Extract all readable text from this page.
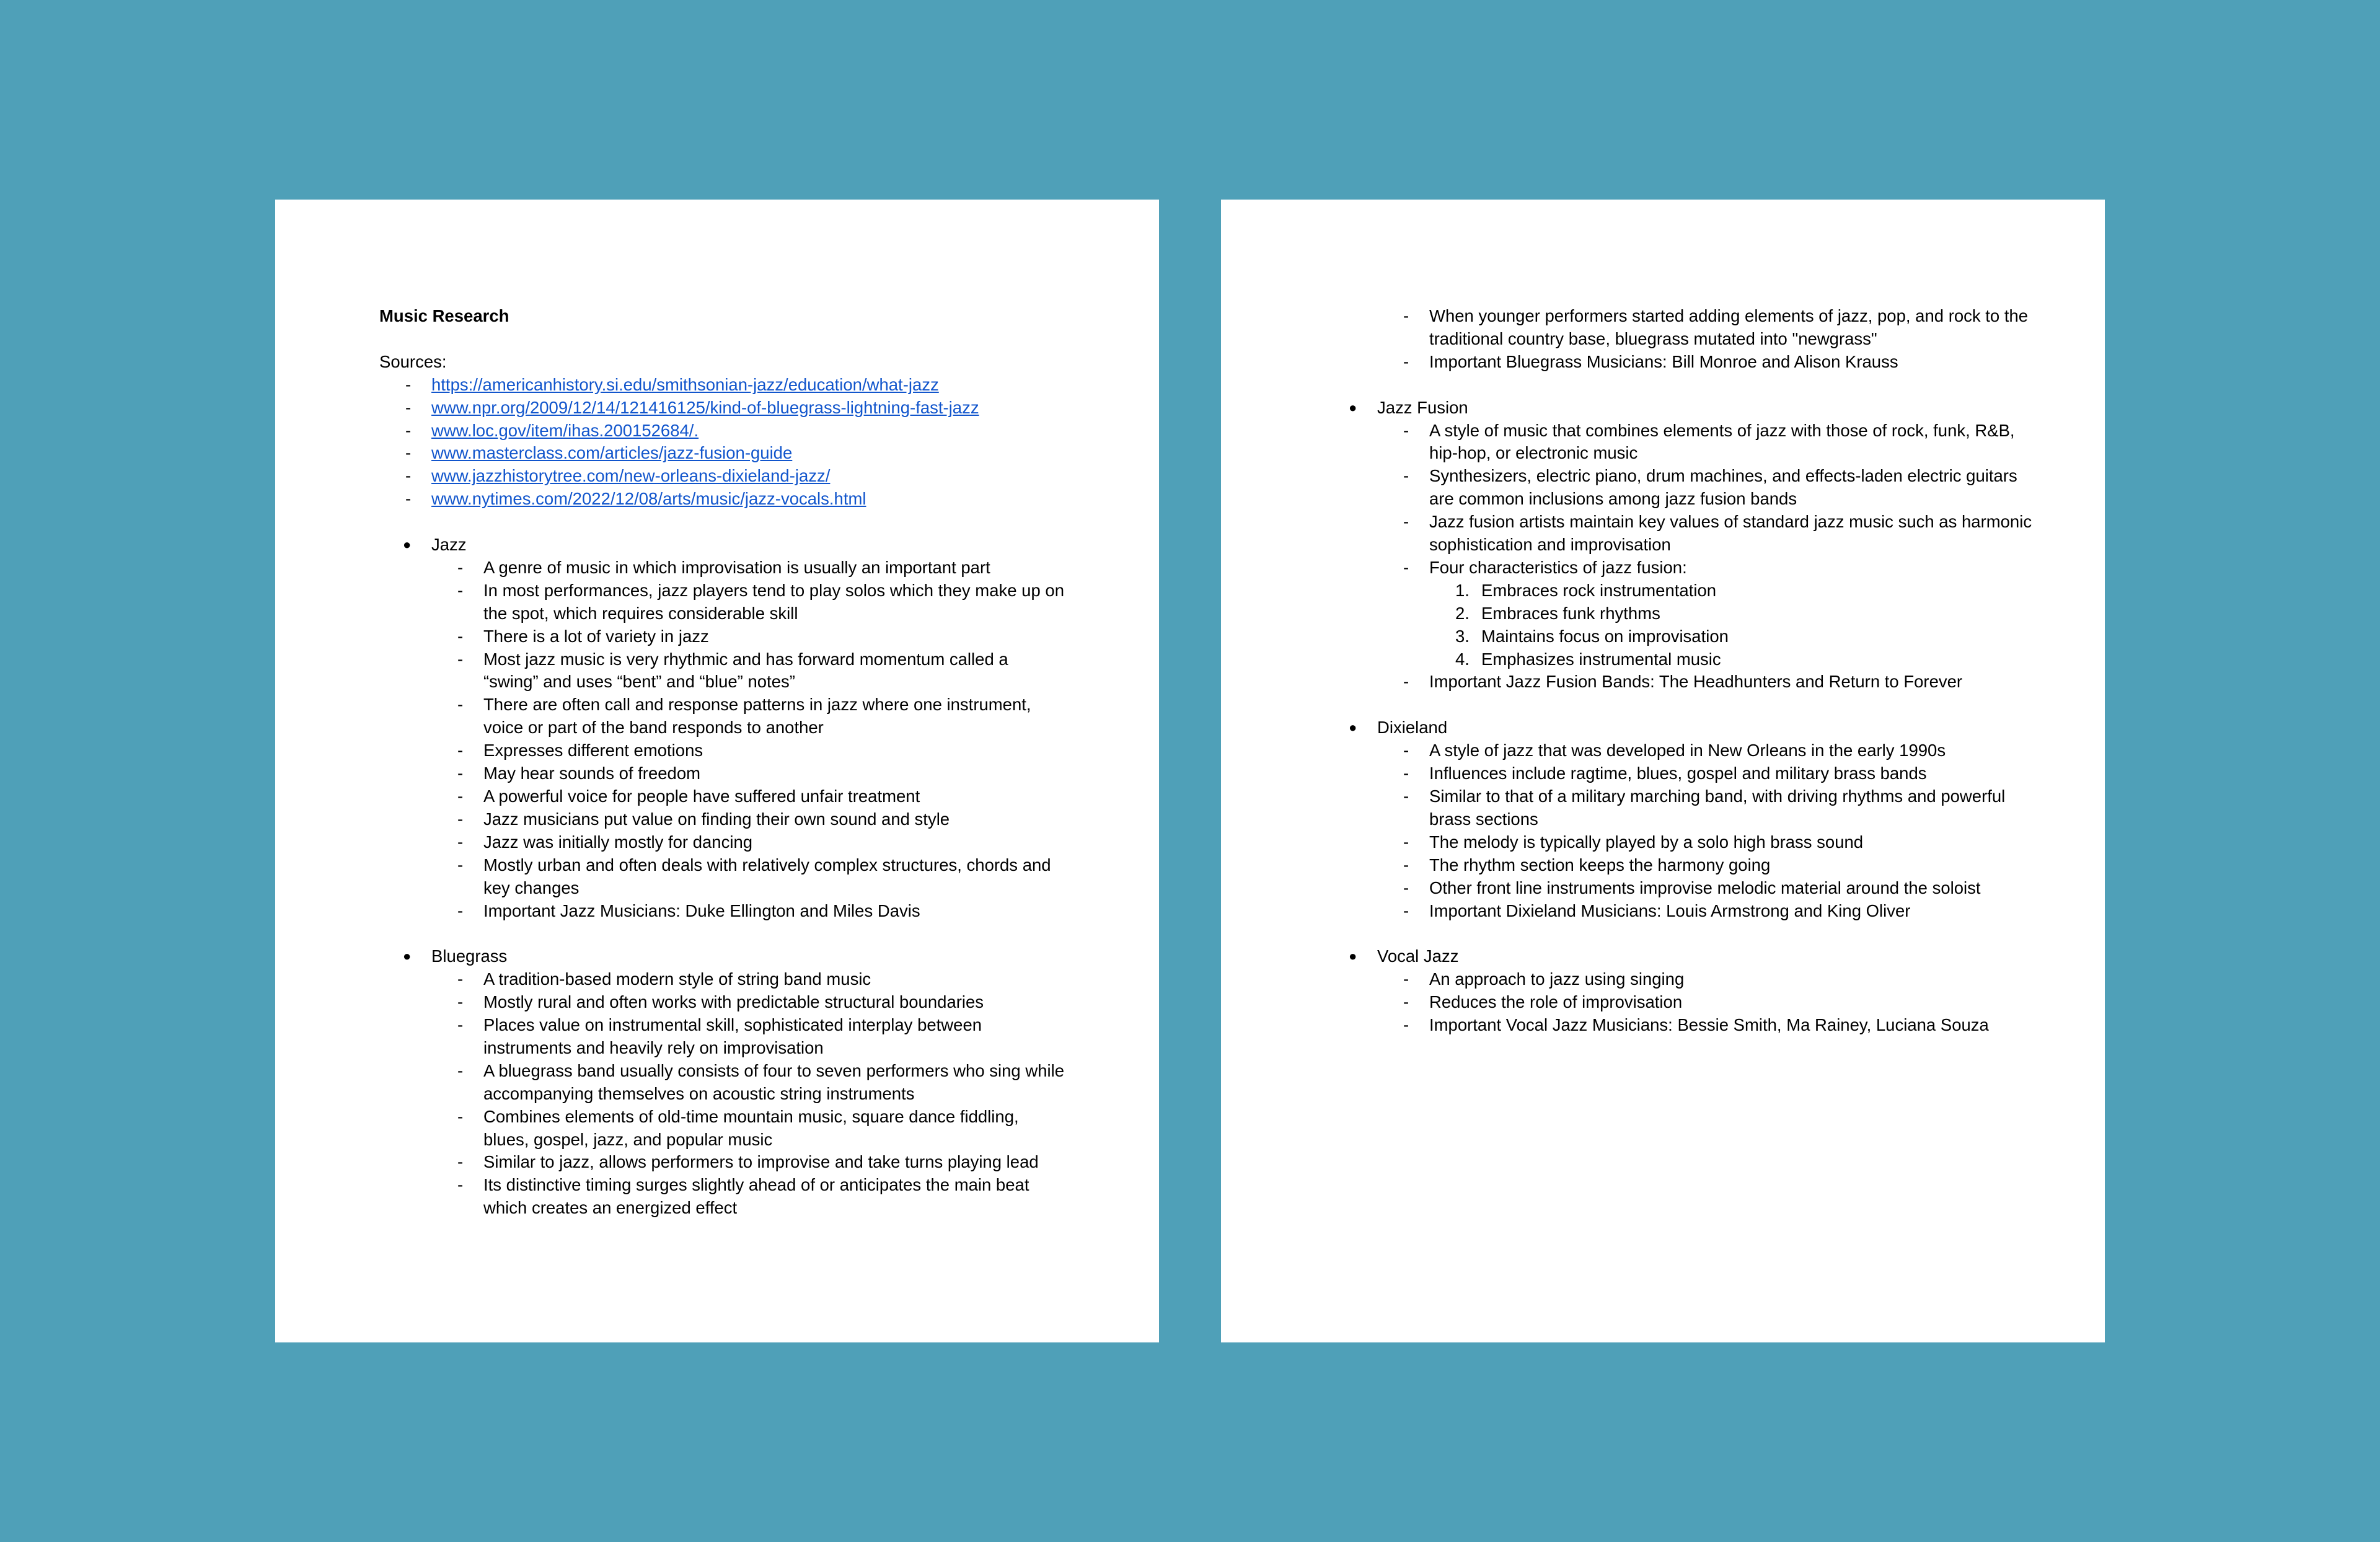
Music Research

Sources:

- https://americanhistory.si.edu/smithsonian-jazz/education/what-jazz
- www.npr.org/2009/12/14/121416125/kind-of-bluegrass-lightning-fast-jazz
- www.loc.gov/item/ihas.200152684/.
- www.masterclass.com/articles/jazz-fusion-guide
- www.jazzhistorytree.com/new-orleans-dixieland-jazz/
- www.nytimes.com/2022/12/08/arts/music/jazz-vocals.html
● Jazz
- A genre of music in which improvisation is usually an important part
- In most performances, jazz players tend to play solos which they make up on the spot, which requires considerable skill
- There is a lot of variety in jazz
- Most jazz music is very rhythmic and has forward momentum called a “swing” and uses “bent” and “blue” notes”
- There are often call and response patterns in jazz where one instrument, voice or part of the band responds to another
- Expresses different emotions
- May hear sounds of freedom
- A powerful voice for people have suffered unfair treatment
- Jazz musicians put value on finding their own sound and style
- Jazz was initially mostly for dancing
- Mostly urban and often deals with relatively complex structures, chords and key changes
- Important Jazz Musicians: Duke Ellington and Miles Davis
● Bluegrass
- A tradition-based modern style of string band music
- Mostly rural and often works with predictable structural boundaries
- Places value on instrumental skill, sophisticated interplay between instruments and heavily rely on improvisation
- A bluegrass band usually consists of four to seven performers who sing while accompanying themselves on acoustic string instruments
- Combines elements of old-time mountain music, square dance fiddling, blues, gospel, jazz, and popular music
- Similar to jazz, allows performers to improvise and take turns playing lead
- Its distinctive timing surges slightly ahead of or anticipates the main beat which creates an energized effect
- When younger performers started adding elements of jazz, pop, and rock to the traditional country base, bluegrass mutated into "newgrass"
- Important Bluegrass Musicians: Bill Monroe and Alison Krauss
● Jazz Fusion
- A style of music that combines elements of jazz with those of rock, funk, R&B, hip-hop, or electronic music
- Synthesizers, electric piano, drum machines, and effects-laden electric guitars are common inclusions among jazz fusion bands
- Jazz fusion artists maintain key values of standard jazz music such as harmonic sophistication and improvisation
- Four characteristics of jazz fusion:
1. Embraces rock instrumentation
2. Embraces funk rhythms
3. Maintains focus on improvisation
4. Emphasizes instrumental music
- Important Jazz Fusion Bands: The Headhunters and Return to Forever
● Dixieland
- A style of jazz that was developed in New Orleans in the early 1990s
- Influences include ragtime, blues, gospel and military brass bands
- Similar to that of a military marching band, with driving rhythms and powerful brass sections
- The melody is typically played by a solo high brass sound
- The rhythm section keeps the harmony going
- Other front line instruments improvise melodic material around the soloist
- Important Dixieland Musicians: Louis Armstrong and King Oliver
● Vocal Jazz
- An approach to jazz using singing
- Reduces the role of improvisation
- Important Vocal Jazz Musicians: Bessie Smith, Ma Rainey, Luciana Souza
